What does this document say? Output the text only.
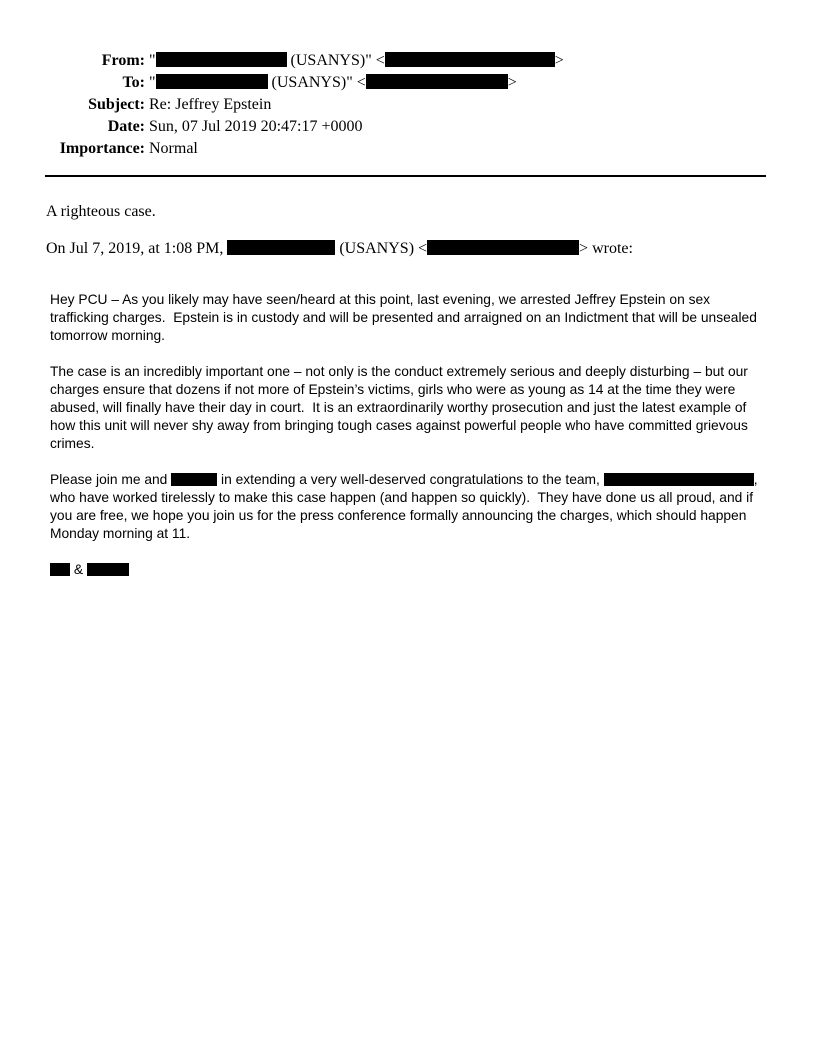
From: "	(USANYS)" <	>
To: "	(USANYS)" <	>
Subject: Re: Jeffrey Epstein
Date: Sun, 07 Jul 2019 20:47:17 +0000
Importance: Normal

A righteous case.

On Jul 7, 2019, at 1:08 PM,	(USANYS) <	> wrote:

Hey PCU – As you likely may have seen/heard at this point, last evening, we arrested Jeffrey Epstein on sex trafficking charges.  Epstein is in custody and will be presented and arraigned on an Indictment that will be unsealed tomorrow morning.

The case is an incredibly important one – not only is the conduct extremely serious and deeply disturbing – but our charges ensure that dozens if not more of Epstein’s victims, girls who were as young as 14 at the time they were abused, will finally have their day in court.  It is an extraordinarily worthy prosecution and just the latest example of how this unit will never shy away from bringing tough cases against powerful people who have committed grievous crimes.

Please join me and	in extending a very well-deserved congratulations to the team,	, who have worked tirelessly to make this case happen (and happen so quickly).  They have done us all proud, and if you are free, we hope you join us for the press conference formally announcing the charges, which should happen Monday morning at 11.

&
